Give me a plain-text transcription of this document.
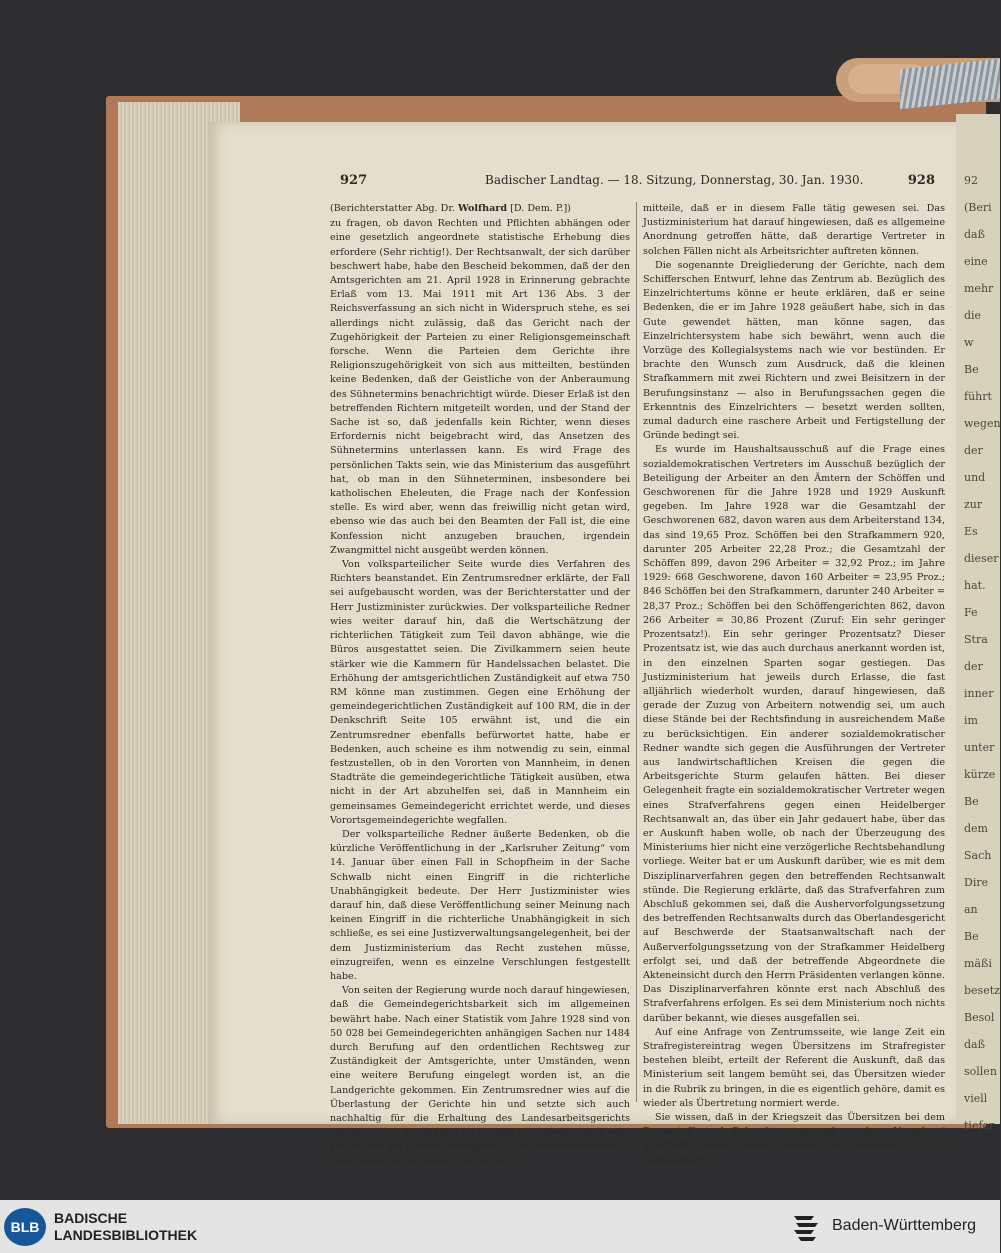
92
(Beri
daß
eine
mehr
die
w
Be
führt
wegen
der
und
zur
Es
dieser
hat.
Fe
Stra
der
inner
im
unter
kürze
Be
dem
Sach
Dire
an
Be
mäßi
besetz
Besol
daß
sollen
viell
tiefer
927	Badischer Landtag. — 18. Sitzung, Donnerstag, 30. Jan. 1930.	928

(Berichterstatter Abg. Dr. Wolfhard [D. Dem. P.])

zu fragen, ob davon Rechten und Pflichten abhängen oder eine gesetzlich angeordnete statistische Erhebung dies erfordere (Sehr richtig!). Der Rechtsanwalt, der sich darüber beschwert habe, habe den Bescheid bekommen, daß der den Amtsgerichten am 21. April 1928 in Erinnerung gebrachte Erlaß vom 13. Mai 1911 mit Art 136 Abs. 3 der Reichsverfassung an sich nicht in Widerspruch stehe, es sei allerdings nicht zulässig, daß das Gericht nach der Zugehörigkeit der Parteien zu einer Religionsgemeinschaft forsche. Wenn die Parteien dem Gerichte ihre Religionszugehörigkeit von sich aus mitteilten, bestünden keine Bedenken, daß der Geistliche von der Anberaumung des Sühnetermins benachrichtigt würde. Dieser Erlaß ist den betreffenden Richtern mitgeteilt worden, und der Stand der Sache ist so, daß jedenfalls kein Richter, wenn dieses Erfordernis nicht beigebracht wird, das Ansetzen des Sühnetermins unterlassen kann. Es wird Frage des persönlichen Takts sein, wie das Ministerium das ausgeführt hat, ob man in den Sühneterminen, insbesondere bei katholischen Eheleuten, die Frage nach der Konfession stelle. Es wird aber, wenn das freiwillig nicht getan wird, ebenso wie das auch bei den Beamten der Fall ist, die eine Konfession nicht anzugeben brauchen, irgendein Zwangmittel nicht ausgeübt werden können.

Von volksparteilicher Seite wurde dies Verfahren des Richters beanstandet. Ein Zentrumsredner erklärte, der Fall sei aufgebauscht worden, was der Berichterstatter und der Herr Justizminister zurückwies. Der volksparteiliche Redner wies weiter darauf hin, daß die Wertschätzung der richterlichen Tätigkeit zum Teil davon abhänge, wie die Büros ausgestattet seien. Die Zivilkammern seien heute stärker wie die Kammern für Handelssachen belastet. Die Erhöhung der amtsgerichtlichen Zuständigkeit auf etwa 750 RM könne man zustimmen. Gegen eine Erhöhung der gemeindegerichtlichen Zuständigkeit auf 100 RM, die in der Denkschrift Seite 105 erwähnt ist, und die ein Zentrumsredner ebenfalls befürwortet hatte, habe er Bedenken, auch scheine es ihm notwendig zu sein, einmal festzustellen, ob in den Vororten von Mannheim, in denen Stadträte die gemeindegerichtliche Tätigkeit ausüben, etwa nicht in der Art abzuhelfen sei, daß in Mannheim ein gemeinsames Gemeindegericht errichtet werde, und dieses Vorortsgemeindegerichte wegfallen.

Der volksparteiliche Redner äußerte Bedenken, ob die kürzliche Veröffentlichung in der „Karlsruher Zeitung“ vom 14. Januar über einen Fall in Schopfheim in der Sache Schwalb nicht einen Eingriff in die richterliche Unabhängigkeit bedeute. Der Herr Justizminister wies darauf hin, daß diese Veröffentlichung seiner Meinung nach keinen Eingriff in die richterliche Unabhängigkeit in sich schließe, es sei eine Justizverwaltungsangelegenheit, bei der dem Justizministerium das Recht zustehen müsse, einzugreifen, wenn es einzelne Verschlungen festgestellt habe.

Von seiten der Regierung wurde noch darauf hingewiesen, daß die Gemeindegerichtsbarkeit sich im allgemeinen bewährt habe. Nach einer Statistik vom Jahre 1928 sind von 50 028 bei Gemeindegerichten anhängigen Sachen nur 1484 durch Berufung auf den ordentlichen Rechtsweg zur Zuständigkeit der Amtsgerichte, unter Umständen, wenn eine weitere Berufung eingelegt worden ist, an die Landgerichte gekommen. Ein Zentrumsredner wies auf die Überlastung der Gerichte hin und setzte sich auch nachhaltig für die Erhaltung des Landesarbeitsgerichts Offenburg ein. Unzulässig sei es, daß ein Arbeitsrichter oder ein Richter am Landesarbeitsgericht, der Rechtsauskünfte in einer Sache erteilt habe, erst im Termin

mitteile, daß er in diesem Falle tätig gewesen sei. Das Justizministerium hat darauf hingewiesen, daß es allgemeine Anordnung getroffen hätte, daß derartige Vertreter in solchen Fällen nicht als Arbeitsrichter auftreten können.

Die sogenannte Dreigliederung der Gerichte, nach dem Schifferschen Entwurf, lehne das Zentrum ab. Bezüglich des Einzelrichtertums könne er heute erklären, daß er seine Bedenken, die er im Jahre 1928 geäußert habe, sich in das Gute gewendet hätten, man könne sagen, das Einzelrichtersystem habe sich bewährt, wenn auch die Vorzüge des Kollegialsystems nach wie vor bestünden. Er brachte den Wunsch zum Ausdruck, daß die kleinen Strafkammern mit zwei Richtern und zwei Beisitzern in der Berufungsinstanz — also in Berufungssachen gegen die Erkenntnis des Einzelrichters — besetzt werden sollten, zumal dadurch eine raschere Arbeit und Fertigstellung der Gründe bedingt sei.

Es wurde im Haushaltsausschuß auf die Frage eines sozialdemokratischen Vertreters im Ausschuß bezüglich der Beteiligung der Arbeiter an den Ämtern der Schöffen und Geschworenen für die Jahre 1928 und 1929 Auskunft gegeben. Im Jahre 1928 war die Gesamtzahl der Geschworenen 682, davon waren aus dem Arbeiterstand 134, das sind 19,65 Proz. Schöffen bei den Strafkammern 920, darunter 205 Arbeiter 22,28 Proz.; die Gesamtzahl der Schöffen 899, davon 296 Arbeiter = 32,92 Proz.; im Jahre 1929: 668 Geschworene, davon 160 Arbeiter = 23,95 Proz.; 846 Schöffen bei den Strafkammern, darunter 240 Arbeiter = 28,37 Proz.; Schöffen bei den Schöffengerichten 862, davon 266 Arbeiter = 30,86 Prozent (Zuruf: Ein sehr geringer Prozentsatz!). Ein sehr geringer Prozentsatz? Dieser Prozentsatz ist, wie das auch durchaus anerkannt worden ist, in den einzelnen Sparten sogar gestiegen. Das Justizministerium hat jeweils durch Erlasse, die fast alljährlich wiederholt wurden, darauf hingewiesen, daß gerade der Zuzug von Arbeitern notwendig sei, um auch diese Stände bei der Rechtsfindung in ausreichendem Maße zu berücksichtigen. Ein anderer sozialdemokratischer Redner wandte sich gegen die Ausführungen der Vertreter aus landwirtschaftlichen Kreisen die gegen die Arbeitsgerichte Sturm gelaufen hätten. Bei dieser Gelegenheit fragte ein sozialdemokratischer Vertreter wegen eines Strafverfahrens gegen einen Heidelberger Rechtsanwalt an, das über ein Jahr gedauert habe, über das er Auskunft haben wolle, ob nach der Überzeugung des Ministeriums hier nicht eine verzögerliche Rechtsbehandlung vorliege. Weiter bat er um Auskunft darüber, wie es mit dem Disziplinarverfahren gegen den betreffenden Rechtsanwalt stünde. Die Regierung erklärte, daß das Strafverfahren zum Abschluß gekommen sei, daß die Aushervorfolgungssetzung des betreffenden Rechtsanwalts durch das Oberlandesgericht auf Beschwerde der Staatsanwaltschaft nach der Außerverfolgungssetzung von der Strafkammer Heidelberg erfolgt sei, und daß der betreffende Abgeordnete die Akteneinsicht durch den Herrn Präsidenten verlangen könne. Das Disziplinarverfahren könnte erst nach Abschluß des Strafverfahrens erfolgen. Es sei dem Ministerium noch nichts darüber bekannt, wie dieses ausgefallen sei.

Auf eine Anfrage von Zentrumsseite, wie lange Zeit ein Strafregistereintrag wegen Übersitzens im Strafregister bestehen bleibt, erteilt der Referent die Auskunft, daß das Ministerium seit langem bemüht sei, das Übersitzen wieder in die Rubrik zu bringen, in die es eigentlich gehöre, damit es wieder als Übertretung normiert werde.

Sie wissen, daß in der Kriegszeit das Übersitzen bei dem Brennstoff- und Beleuchtungsmangel zu den „Vergehen“ überführt wurde. Dieser Zustand ist geblieben. Es ist beabsichtigt,

BLB
BADISCHE
LANDESBIBLIOTHEK
Baden-Württemberg
